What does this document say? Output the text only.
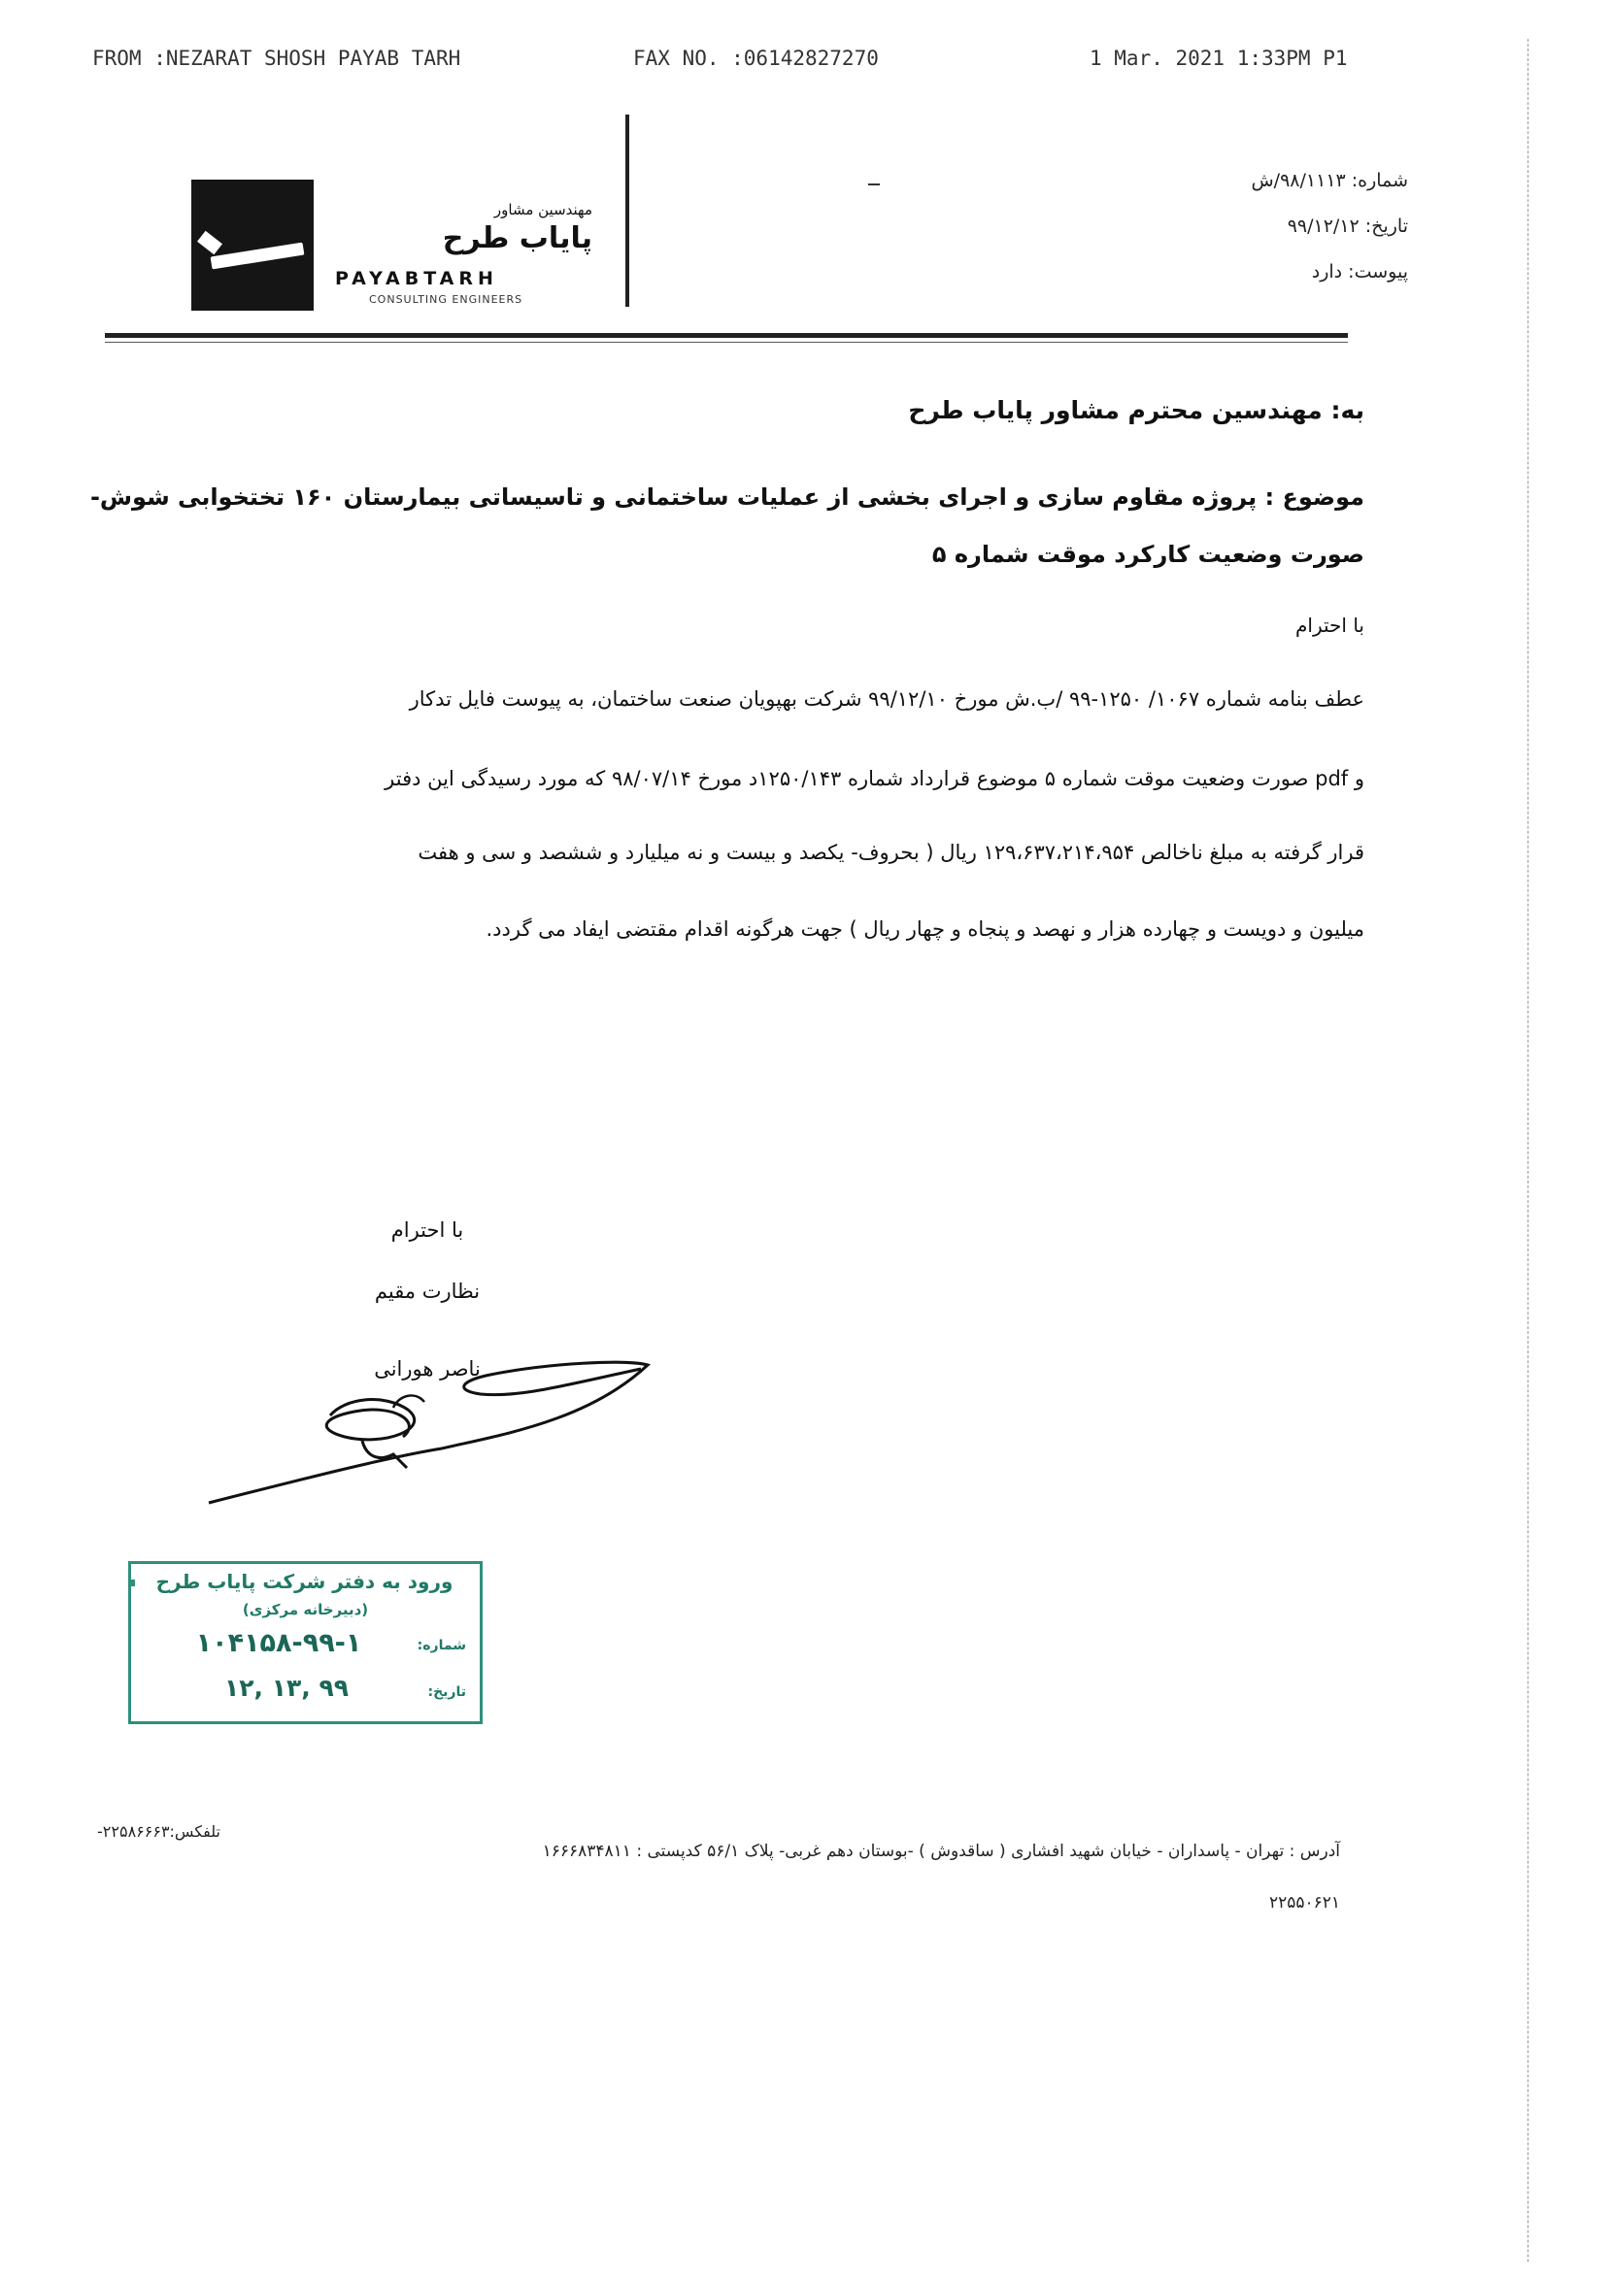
FROM :NEZARAT SHOSH PAYAB TARH	FAX NO. :06142827270	1 Mar. 2021 1:33PM P1
مهندسین مشاور
پایاب طرح
PAYABTARH
CONSULTING ENGINEERS
شماره: ۹۸/۱۱۱۳/ش
تاریخ: ۹۹/۱۲/۱۲
پیوست: دارد
به: مهندسین محترم مشاور پایاب طرح
موضوع : پروژه مقاوم سازی و اجرای بخشی از عملیات ساختمانی و تاسیساتی بیمارستان ۱۶۰ تختخوابی شوش-
صورت وضعیت کارکرد موقت شماره ۵
با احترام
عطف بنامه شماره ۱۰۶۷/ ۱۲۵۰-۹۹ /ب.ش مورخ ۹۹/۱۲/۱۰ شرکت بهپویان صنعت ساختمان، به پیوست فایل تدکار
و pdf صورت وضعیت موقت شماره ۵ موضوع قرارداد شماره ۱۲۵۰/۱۴۳د مورخ ۹۸/۰۷/۱۴ که مورد رسیدگی این دفتر
قرار گرفته به مبلغ ناخالص ۱۲۹،۶۳۷،۲۱۴،۹۵۴ ریال ( بحروف- یکصد و بیست و نه میلیارد و ششصد و سی و هفت
میلیون و دویست و چهارده هزار و نهصد و پنجاه و چهار ریال ) جهت هرگونه اقدام مقتضی ایفاد می گردد.
با احترام
نظارت مقیم
ناصر هورانی
ورود به دفتر شرکت پایاب طرح
(دبیرخانه مرکزی)
شماره:
۱۰۴۱۵۸-۹۹-۱
تاریخ:
۹۹ ,۱۳ ,۱۲
آدرس : تهران - پاسداران - خیابان شهید افشاری ( ساقدوش ) -بوستان دهم غربی- پلاک ۵۶/۱ کدپستی : ۱۶۶۶۸۳۴۸۱۱
تلفکس:۲۲۵۸۶۶۶۳-
۲۲۵۵۰۶۲۱
